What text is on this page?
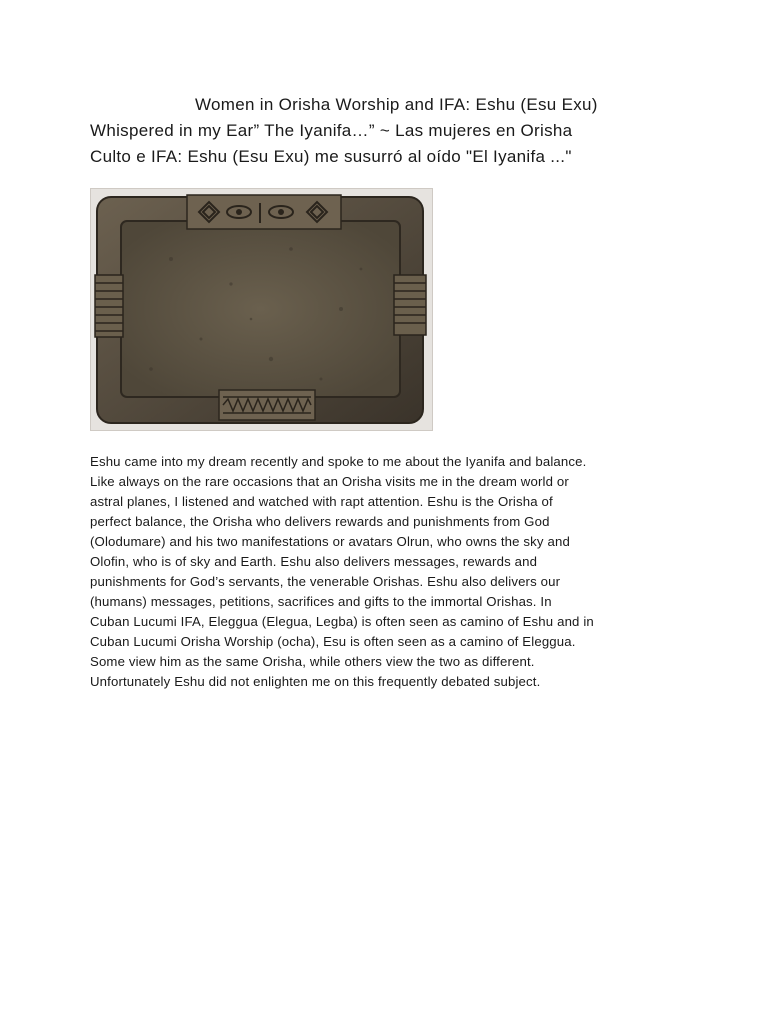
Women in Orisha Worship and IFA: Eshu (Esu Exu)
Whispered in my Ear” The Iyanifa…” ~ Las mujeres en Orisha
Culto e IFA: Eshu (Esu Exu) me susurró al oído "El Iyanifa ..."

Eshu came into my dream recently and spoke to me about the Iyanifa and balance.
Like always on the rare occasions that an Orisha visits me in the dream world or
astral planes, I listened and watched with rapt attention. Eshu is the Orisha of
perfect balance, the Orisha who delivers rewards and punishments from God
(Olodumare) and his two manifestations or avatars Olrun, who owns the sky and
Olofin, who is of sky and Earth. Eshu also delivers messages, rewards and
punishments for God’s servants, the venerable Orishas. Eshu also delivers our
(humans) messages, petitions, sacrifices and gifts to the immortal Orishas. In
Cuban Lucumi IFA, Eleggua (Elegua, Legba) is often seen as camino of Eshu and in
Cuban Lucumi Orisha Worship (ocha), Esu is often seen as a camino of Eleggua.
Some view him as the same Orisha, while others view the two as different.
Unfortunately Eshu did not enlighten me on this frequently debated subject.
